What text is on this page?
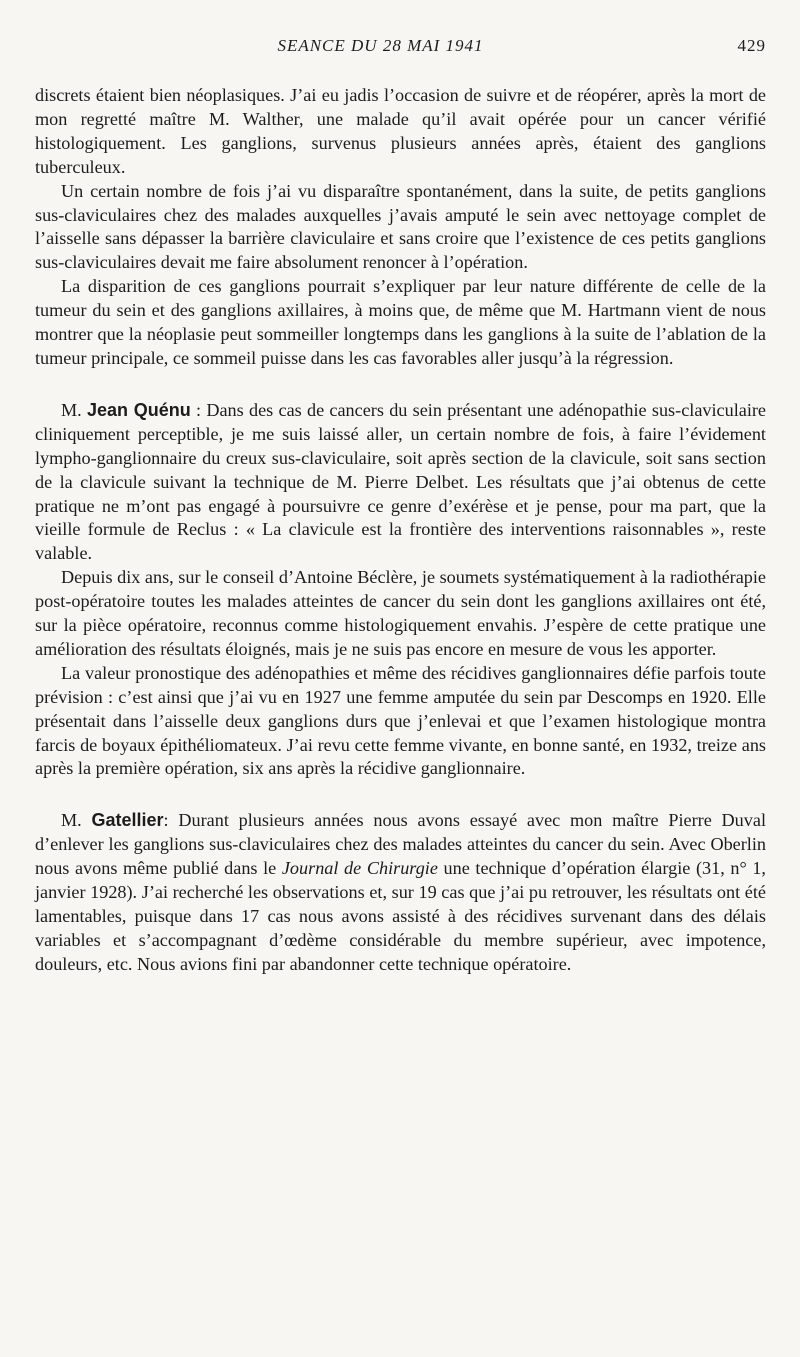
SEANCE DU 28 MAI 1941	429

discrets étaient bien néoplasiques. J’ai eu jadis l’occasion de suivre et de réopérer, après la mort de mon regretté maître M. Walther, une malade qu’il avait opérée pour un cancer vérifié histologiquement. Les ganglions, survenus plusieurs années après, étaient des ganglions tuberculeux.

Un certain nombre de fois j’ai vu disparaître spontanément, dans la suite, de petits ganglions sus-claviculaires chez des malades auxquelles j’avais amputé le sein avec nettoyage complet de l’aisselle sans dépasser la barrière claviculaire et sans croire que l’existence de ces petits ganglions sus-claviculaires devait me faire absolument renoncer à l’opération.

La disparition de ces ganglions pourrait s’expliquer par leur nature différente de celle de la tumeur du sein et des ganglions axillaires, à moins que, de même que M. Hartmann vient de nous montrer que la néoplasie peut sommeiller longtemps dans les ganglions à la suite de l’ablation de la tumeur principale, ce sommeil puisse dans les cas favorables aller jusqu’à la régression.

M. Jean Quénu : Dans des cas de cancers du sein présentant une adénopathie sus-claviculaire cliniquement perceptible, je me suis laissé aller, un certain nombre de fois, à faire l’évidement lympho-ganglionnaire du creux sus-claviculaire, soit après section de la clavicule, soit sans section de la clavicule suivant la technique de M. Pierre Delbet. Les résultats que j’ai obtenus de cette pratique ne m’ont pas engagé à poursuivre ce genre d’exérèse et je pense, pour ma part, que la vieille formule de Reclus : « La clavicule est la frontière des interventions raisonnables », reste valable.

Depuis dix ans, sur le conseil d’Antoine Béclère, je soumets systématiquement à la radiothérapie post-opératoire toutes les malades atteintes de cancer du sein dont les ganglions axillaires ont été, sur la pièce opératoire, reconnus comme histologiquement envahis. J’espère de cette pratique une amélioration des résultats éloignés, mais je ne suis pas encore en mesure de vous les apporter.

La valeur pronostique des adénopathies et même des récidives ganglionnaires défie parfois toute prévision : c’est ainsi que j’ai vu en 1927 une femme amputée du sein par Descomps en 1920. Elle présentait dans l’aisselle deux ganglions durs que j’enlevai et que l’examen histologique montra farcis de boyaux épithéliomateux. J’ai revu cette femme vivante, en bonne santé, en 1932, treize ans après la première opération, six ans après la récidive ganglionnaire.

M. Gatellier: Durant plusieurs années nous avons essayé avec mon maître Pierre Duval d’enlever les ganglions sus-claviculaires chez des malades atteintes du cancer du sein. Avec Oberlin nous avons même publié dans le Journal de Chirurgie une technique d’opération élargie (31, n° 1, janvier 1928). J’ai recherché les observations et, sur 19 cas que j’ai pu retrouver, les résultats ont été lamentables, puisque dans 17 cas nous avons assisté à des récidives survenant dans des délais variables et s’accompagnant d’œdème considérable du membre supérieur, avec impotence, douleurs, etc. Nous avions fini par abandonner cette technique opératoire.
